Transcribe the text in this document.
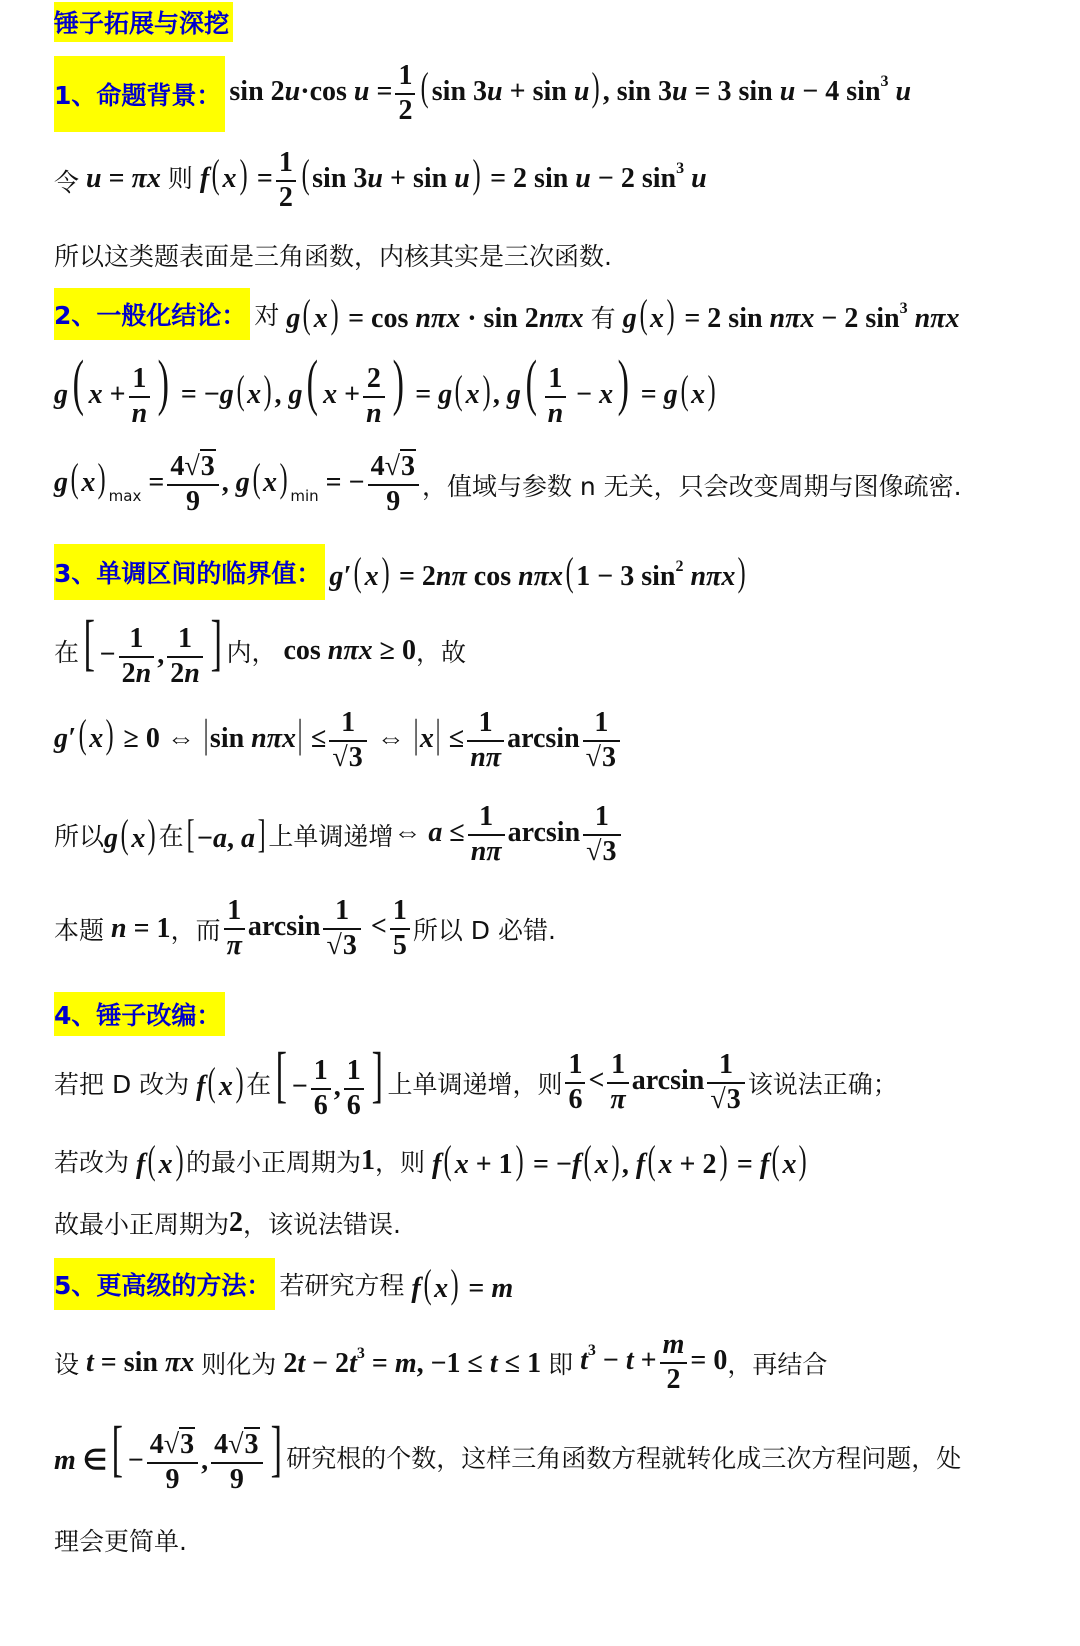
锤子拓展与深挖
1、命题背景： sin 2u·cos $u = \frac{1}{2} (\sin$ 3u + sin u), sin 3u = 3 sin u − 4 $\sin^3 u$
令 u = πx 则 $f(x) = \frac{1}{2} (\sin$ 3u + sin u) = 2 sin u − 2 $\sin^3 u$
所以这类题表面是三角函数，内核其实是三次函数.
2、一般化结论： 对 g(x) = cos nπx · sin 2nπx 有 g(x) = 2 sin nπx − 2 $\sin^3 n\pi x$
g( $x + \frac{1}{n}$ ) = −g(x), g( $x + \frac{2}{n}$ ) = g(x), $g( \frac{1}{n} - x) = g(x)$
g(x) $_{max} = \frac{4√3}{9}$ , g(x) $_{min}$ = − $\frac{4√3}{9}$ ，值域与参数 n 无关，只会改变周期与图像疏密.
3、单调区间的临界值： g′(x) = 2nπ cos nπx(1 − 3 $\sin^2 n\pi x$)
在 [ − $\frac{1}{2n}$ , $\frac{1}{2n}$ ] 内， cos nπx ≥ 0 ，故
g′(x) ≥ 0 ⇔ |sin $n\pi x| \le \frac{1}{√3}$ ⇔ $|x| \le \frac{1}{n\pi}$ $\arcsin \frac{1}{√3}$
所以 g(x) 在 [−a, a] 上单调递增 ⇔ $a \le \frac{1}{n\pi}$ $\arcsin \frac{1}{√3}$
本题 n = 1 ，而 $\frac{1}{\pi}$ $\arcsin \frac{1}{√3} < \frac{1}{5}$ 所以 D 必错.
4、锤子改编：
若把 D 改为 f(x) 在 [ − $\frac{1}{6}$ , $\frac{1}{6}$ ] 上单调递增，则 $\frac{1}{6} < \frac{1}{\pi}$ $\arcsin \frac{1}{√3}$ 该说法正确；
若改为 f(x) 的最小正周期为 1 ，则 f(x + 1) = −f(x), f(x + 2) = f(x)
故最小正周期为 2 ，该说法错误.
5、更高级的方法： 若研究方程 f(x) = m
设 t = sin πx 则化为 $2t - 2t^3 = m$, −1 ≤ t ≤ 1 即 $t^3 - t + \frac{m}{2} = 0$ ，再结合
m ∈[ − $\frac{4√3}{9}$ , $\frac{4√3}{9}$ ] 研究根的个数，这样三角函数方程就转化成三次方程问题，处
理会更简单.
